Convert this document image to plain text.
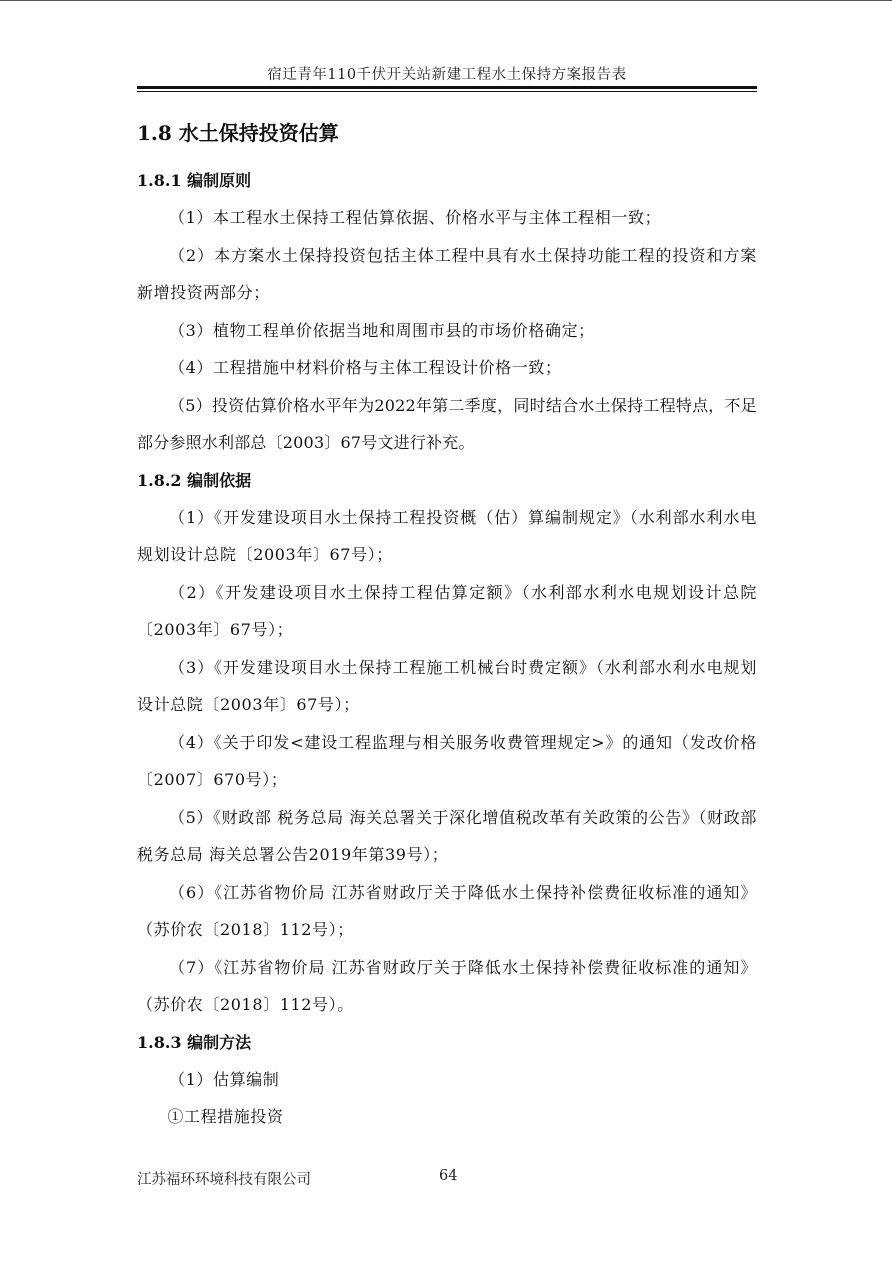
宿迁青年110千伏开关站新建工程水土保持方案报告表
1.8 水土保持投资估算
1.8.1 编制原则

（1）本工程水土保持工程估算依据、价格水平与主体工程相一致；

（2）本方案水土保持投资包括主体工程中具有水土保持功能工程的投资和方案新增投资两部分；

（3）植物工程单价依据当地和周围市县的市场价格确定；

（4）工程措施中材料价格与主体工程设计价格一致；

（5）投资估算价格水平年为2022年第二季度，同时结合水土保持工程特点，不足部分参照水利部总〔2003〕67号文进行补充。

1.8.2 编制依据

（1）《开发建设项目水土保持工程投资概（估）算编制规定》（水利部水利水电规划设计总院〔2003年〕67号）；

（2）《开发建设项目水土保持工程估算定额》（水利部水利水电规划设计总院〔2003年〕67号）；

（3）《开发建设项目水土保持工程施工机械台时费定额》（水利部水利水电规划设计总院〔2003年〕67号）；

（4）《关于印发<建设工程监理与相关服务收费管理规定>》的通知（发改价格〔2007〕670号）；

（5）《财政部 税务总局 海关总署关于深化增值税改革有关政策的公告》（财政部 税务总局 海关总署公告2019年第39号）；

（6）《江苏省物价局 江苏省财政厅关于降低水土保持补偿费征收标准的通知》（苏价农〔2018〕112号）；

（7）《江苏省物价局 江苏省财政厅关于降低水土保持补偿费征收标准的通知》（苏价农〔2018〕112号）。

1.8.3 编制方法

（1）估算编制

①工程措施投资

江苏福环环境科技有限公司	64
